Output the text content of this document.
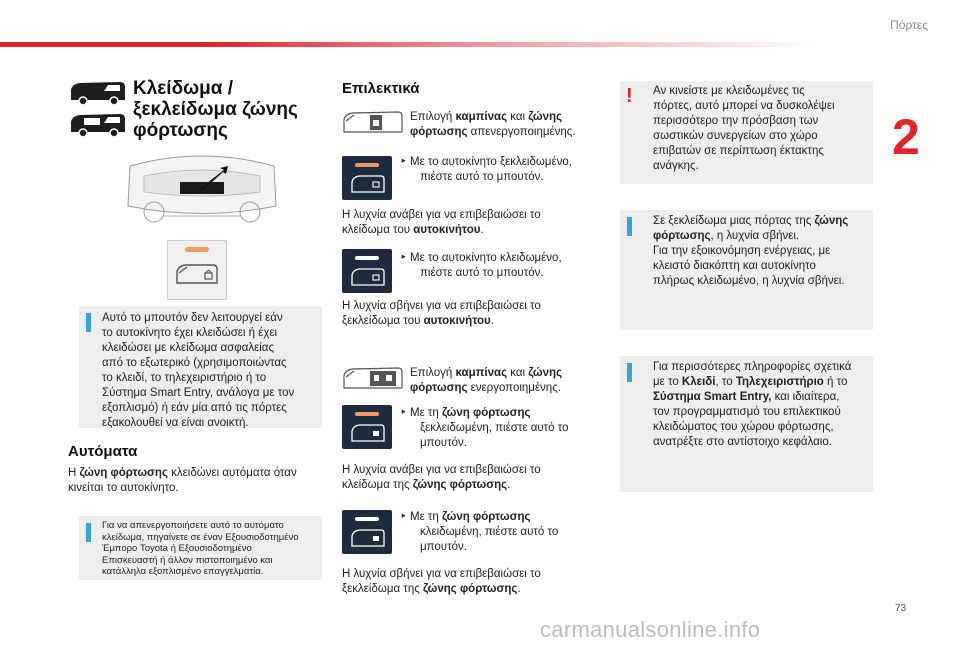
Πόρτες
2
73
carmanualsonline.info
Κλείδωμα /
ξεκλείδωμα ζώνης
φόρτωσης
Αυτό το μπουτόν δεν λειτουργεί εάν
το αυτοκίνητο έχει κλειδώσει ή έχει
κλειδώσει με κλείδωμα ασφαλείας
από το εξωτερικό (χρησιμοποιώντας
το κλειδί, το τηλεχειριστήριο ή το
Σύστημα Smart Entry, ανάλογα με τον
εξοπλισμό) ή εάν μία από τις πόρτες
εξακολουθεί να είναι ανοικτή.
Αυτόματα
Η ζώνη φόρτωσης κλειδώνει αυτόματα όταν
κινείται το αυτοκίνητο.
Για να απενεργοποιήσετε αυτό το αυτόματο
κλείδωμα, πηγαίνετε σε έναν Εξουσιοδοτημένο
Έμπορο Toyota ή Εξουσιοδοτημένο
Επισκευαστή ή άλλον πιστοποιημένο και
κατάλληλα εξοπλισμένο επαγγελματία.
Επιλεκτικά
Επιλογή καμπίνας και ζώνης
φόρτωσης απενεργοποιημένης.
‣ Με το αυτοκίνητο ξεκλειδωμένο,
πιέστε αυτό το μπουτόν.
Η λυχνία ανάβει για να επιβεβαιώσει το
κλείδωμα του αυτοκινήτου.
‣ Με το αυτοκίνητο κλειδωμένο,
πιέστε αυτό το μπουτόν.
Η λυχνία σβήνει για να επιβεβαιώσει το
ξεκλείδωμα του αυτοκινήτου.
Επιλογή καμπίνας και ζώνης
φόρτωσης ενεργοποιημένης.
‣ Με τη ζώνη φόρτωσης
ξεκλειδωμένη, πιέστε αυτό το
μπουτόν.
Η λυχνία ανάβει για να επιβεβαιώσει το
κλείδωμα της ζώνης φόρτωσης.
‣ Με τη ζώνη φόρτωσης
κλειδωμένη, πιέστε αυτό το
μπουτόν.
Η λυχνία σβήνει για να επιβεβαιώσει το
ξεκλείδωμα της ζώνης φόρτωσης.
! Αν κινείστε με κλειδωμένες τις
πόρτες, αυτό μπορεί να δυσκολέψει
περισσότερο την πρόσβαση των
σωστικών συνεργείων στο χώρο
επιβατών σε περίπτωση έκτακτης
ανάγκης.
Σε ξεκλείδωμα μιας πόρτας της ζώνης
φόρτωσης, η λυχνία σβήνει.
Για την εξοικονόμηση ενέργειας, με
κλειστό διακόπτη και αυτοκίνητο
πλήρως κλειδωμένο, η λυχνία σβήνει.
Για περισσότερες πληροφορίες σχετικά
με το Κλειδί, το Τηλεχειριστήριο ή το
Σύστημα Smart Entry, και ιδιαίτερα,
τον προγραμματισμό του επιλεκτικού
κλειδώματος του χώρου φόρτωσης,
ανατρέξτε στο αντίστοιχο κεφάλαιο.
